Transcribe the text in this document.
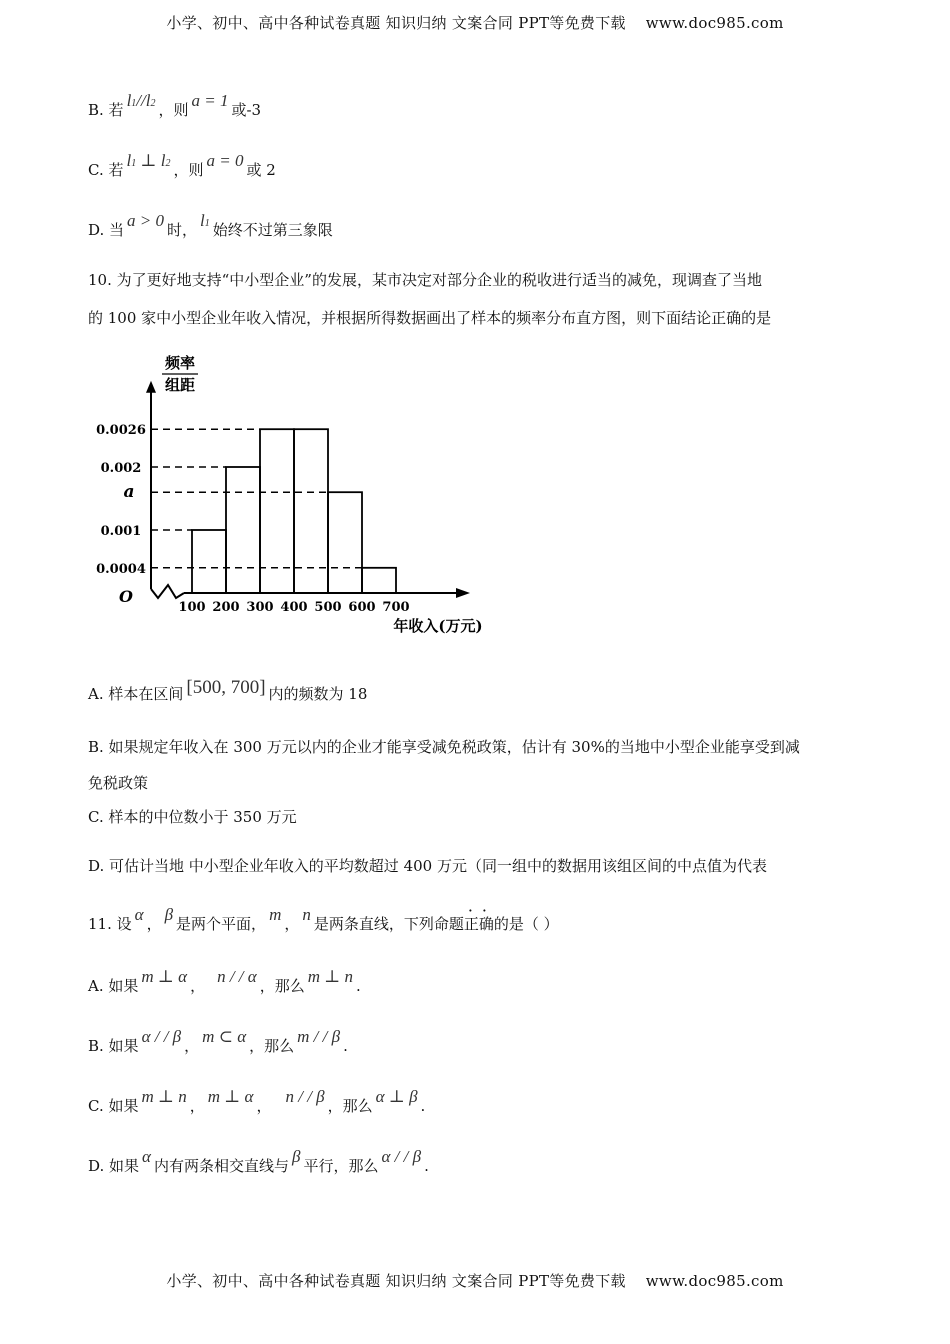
小学、初中、高中各种试卷真题 知识归纳 文案合同 PPT等免费下载 www.doc985.com
B. 若 l1//l2 ，则 a = 1 或-3
C. 若 l1 ⊥ l2 ，则 a = 0 或 2
D. 当 a > 0 时， l1 始终不过第三象限
10. 为了更好地支持“中小型企业”的发展，某市决定对部分企业的税收进行适当的减免，现调查了当地
的 100 家中小型企业年收入情况，并根据所得数据画出了样本的频率分布直方图，则下面结论正确的是
频率
组距
O
0.0026
0.002
a
0.001
0.0004
100 200 300 400 500 600 700
年收入(万元)
A. 样本在区间 [500, 700] 内的频数为 18
B. 如果规定年收入在 300 万元以内的企业才能享受减免税政策，估计有 30%的当地中小型企业能享受到减
免税政策
C. 样本的中位数小于 350 万元
D. 可估计当地 中小型企业年收入的平均数超过 400 万元（同一组中的数据用该组区间的中点值为代表
11. 设 α ， β 是两个平面， m ， n 是两条直线，下列命题正确的是（ ）
A. 如果 m ⊥ α ， n / / α ，那么 m ⊥ n .
B. 如果 α / / β ， m ⊂ α ，那么 m / / β .
C. 如果 m ⊥ n ， m ⊥ α ， n / / β ，那么 α ⊥ β .
D. 如果 α 内有两条相交直线与 β 平行，那么 α / / β .
小学、初中、高中各种试卷真题 知识归纳 文案合同 PPT等免费下载 www.doc985.com
